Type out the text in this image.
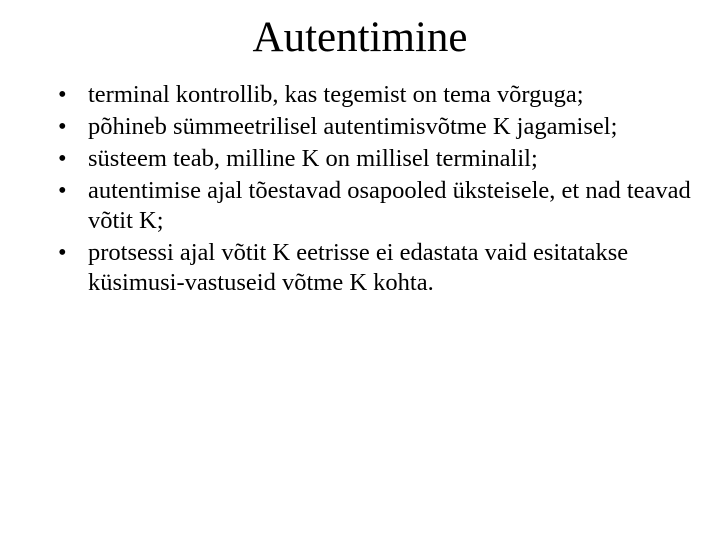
Autentimine
• terminal kontrollib, kas tegemist on tema võrguga;
• põhineb sümmeetrilisel autentimisvõtme K jagamisel;
• süsteem teab, milline K on millisel terminalil;
• autentimise ajal tõestavad osapooled üksteisele, et nad teavad võtit K;
• protsessi ajal võtit K eetrisse ei edastata vaid esitatakse küsimusi-vastuseid võtme K kohta.
